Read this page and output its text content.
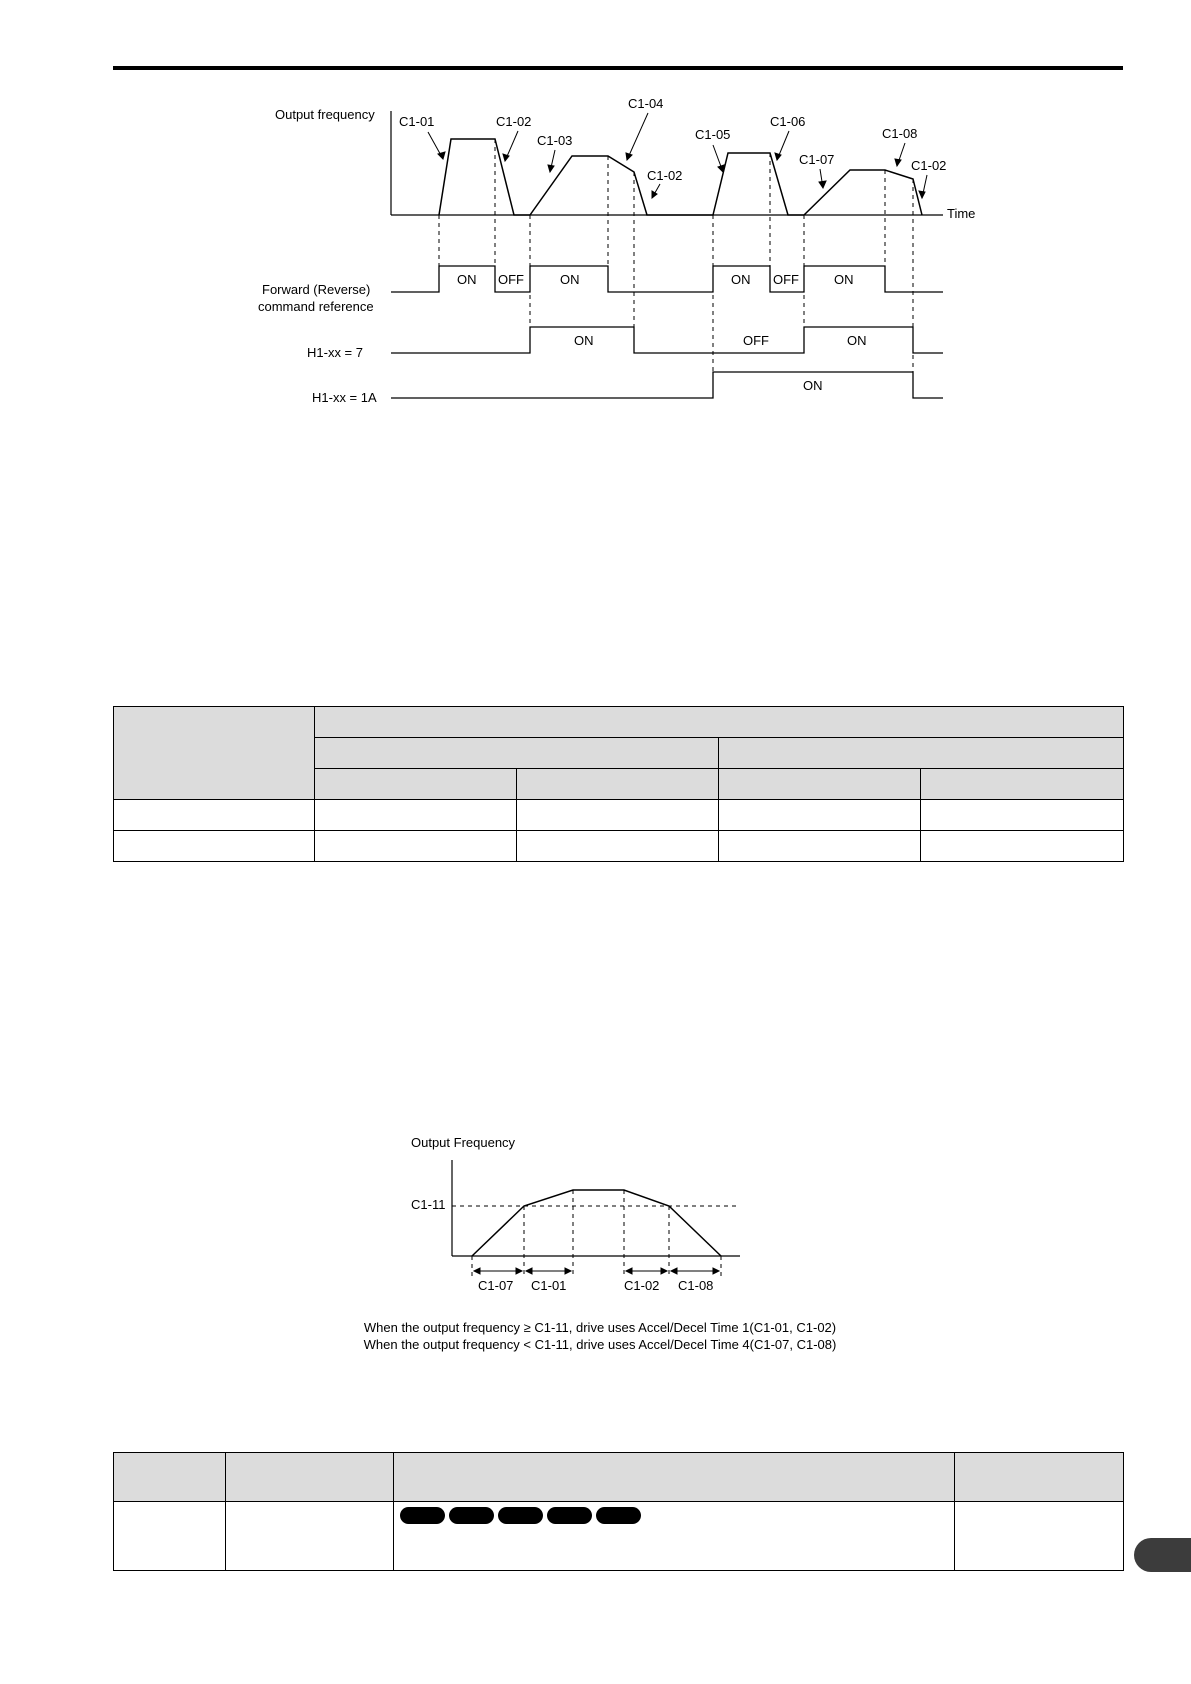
Output frequency
Time
C1-01	C1-02
C1-03
C1-04
C1-02
C1-05
C1-06
C1-07
C1-08
C1-02
Forward (Reverse)
command reference
ON OFF	ON	ON OFF	ON
H1-xx = 7
ON	OFF	ON
H1-xx = 1A
ON

Output Frequency
C1-11
C1-07 C1-01	C1-02 C1-08
When the output frequency ≥ C1-11, drive uses Accel/Decel Time 1(C1-01, C1-02)
When the output frequency < C1-11, drive uses Accel/Decel Time 4(C1-07, C1-08)
